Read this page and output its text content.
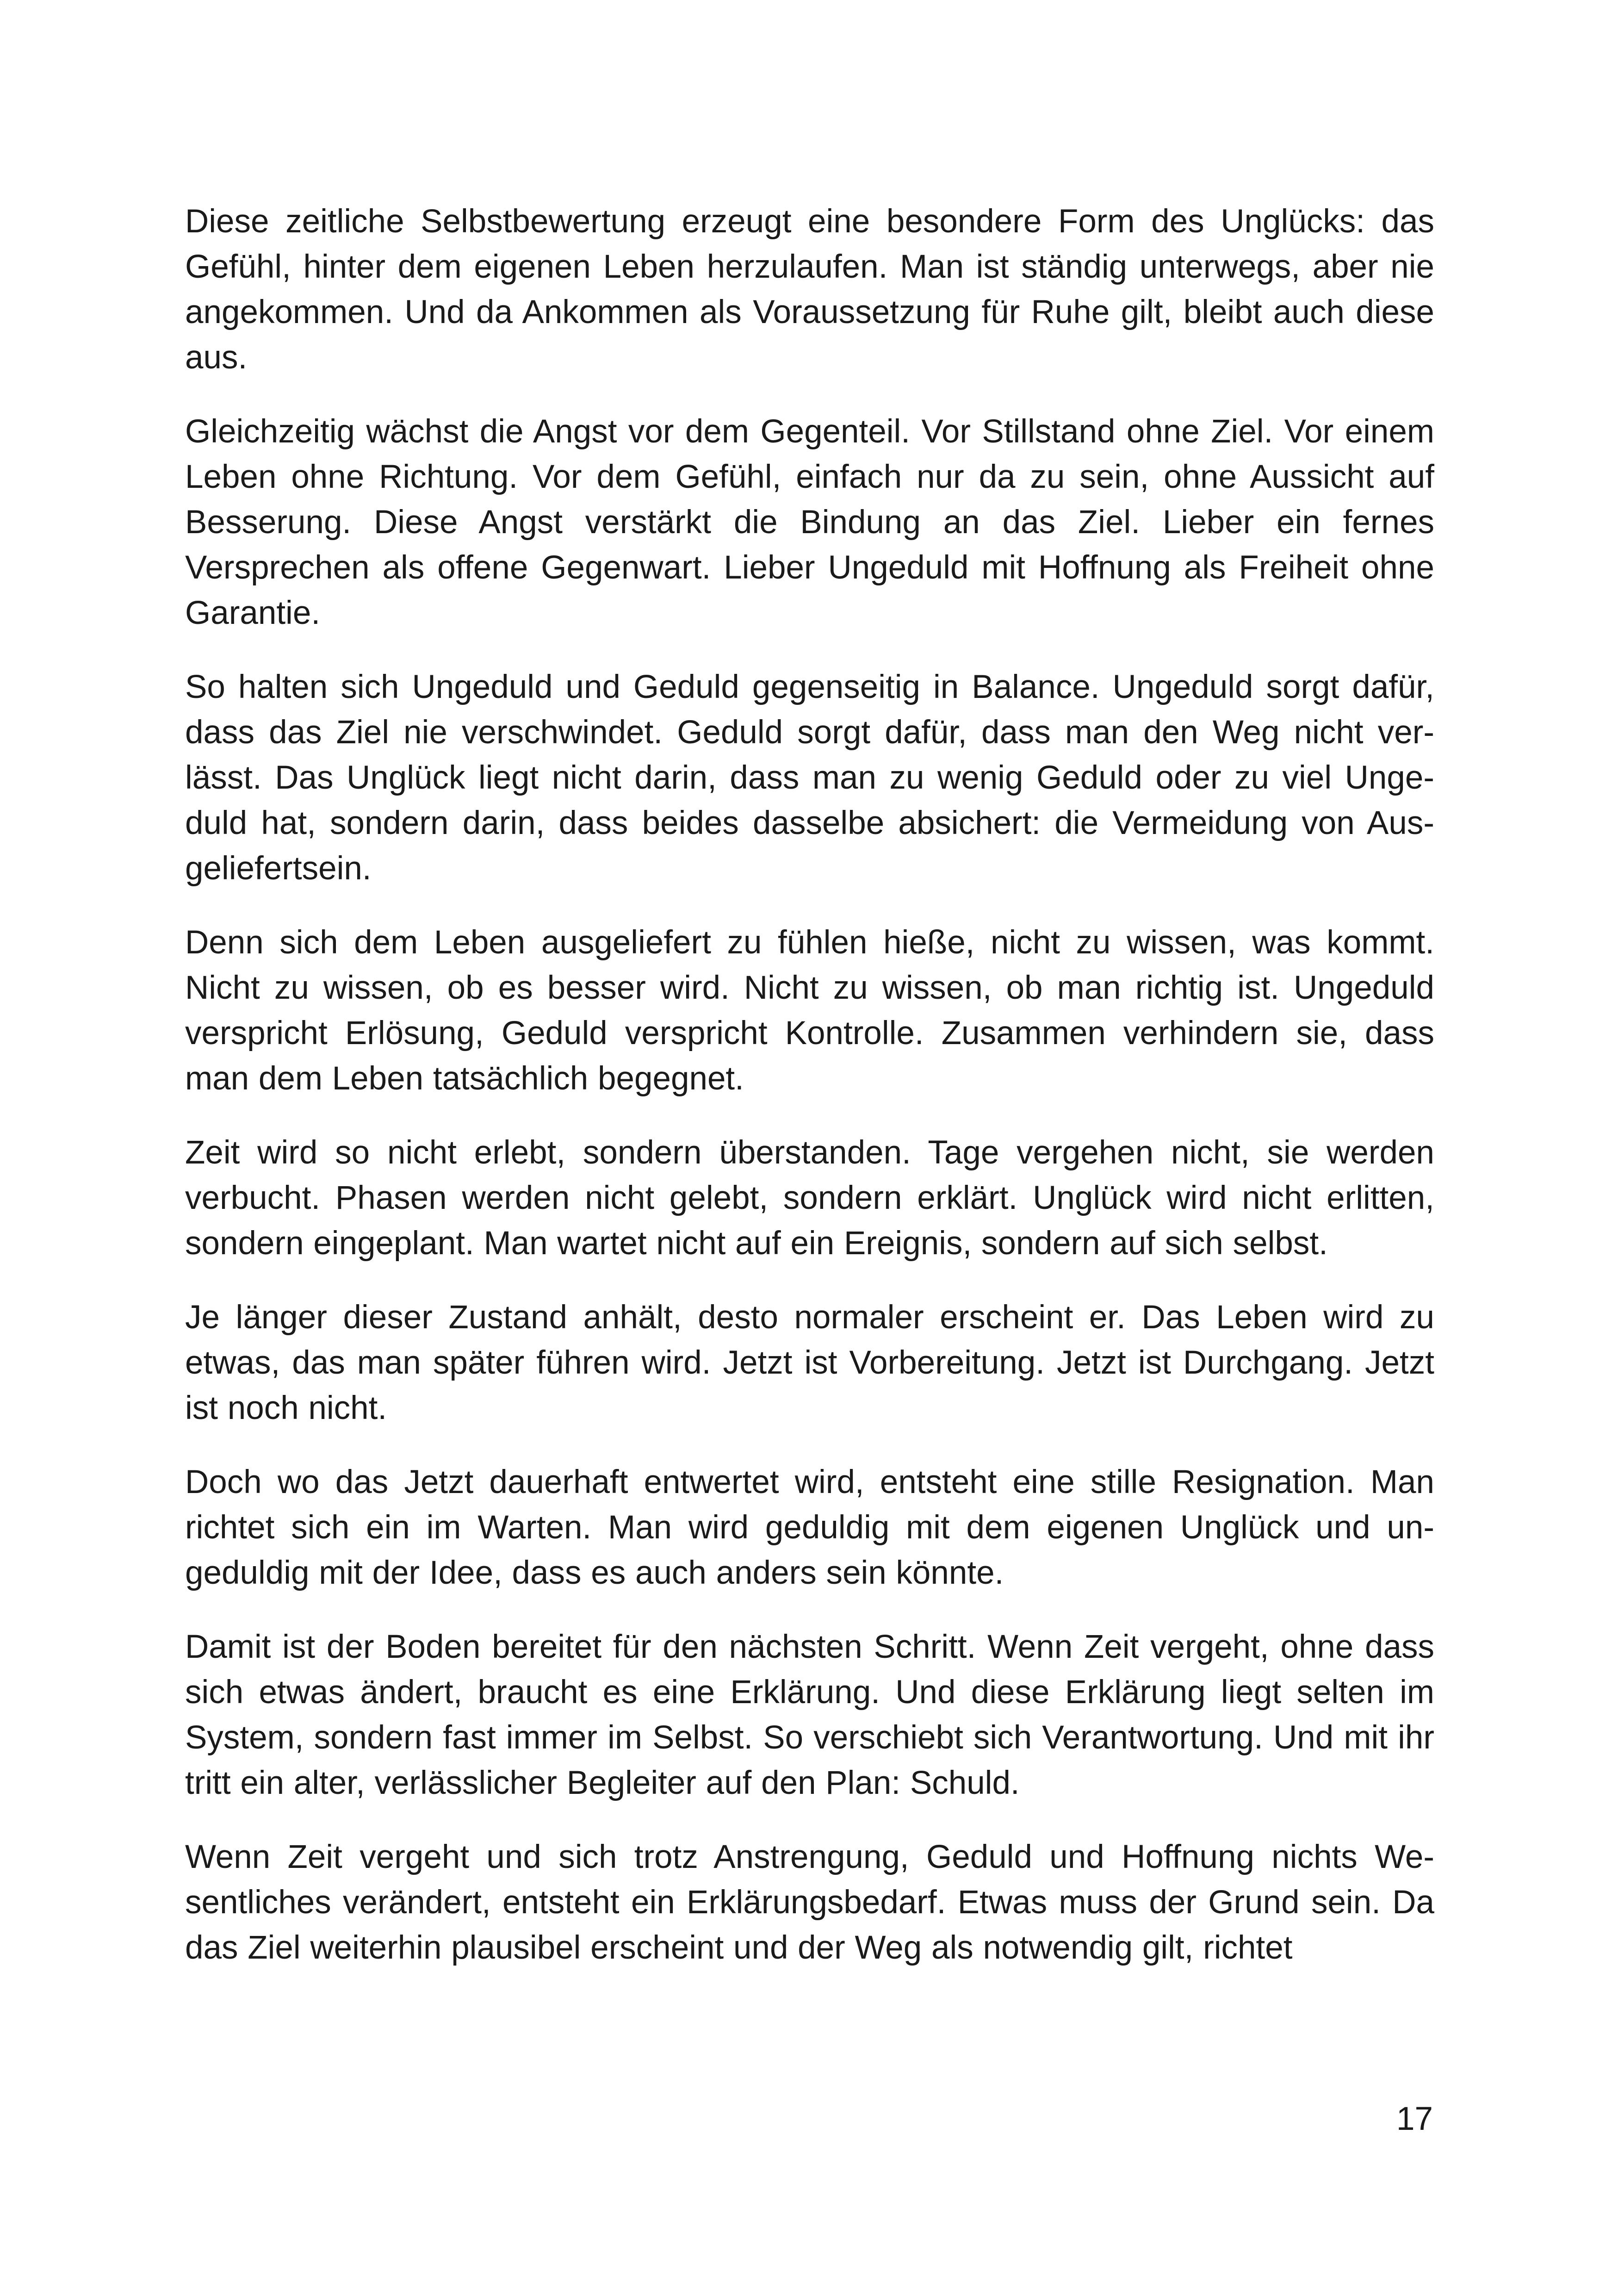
Diese zeitliche Selbstbewertung erzeugt eine besondere Form des Unglücks: das Gefühl, hinter dem eigenen Leben herzulaufen. Man ist ständig unterwegs, aber nie angekommen. Und da Ankommen als Voraussetzung für Ruhe gilt, bleibt auch diese aus.

Gleichzeitig wächst die Angst vor dem Gegenteil. Vor Stillstand ohne Ziel. Vor einem Leben ohne Richtung. Vor dem Gefühl, einfach nur da zu sein, ohne Aussicht auf Besserung. Diese Angst verstärkt die Bindung an das Ziel. Lieber ein fernes Versprechen als offene Gegenwart. Lieber Ungeduld mit Hoffnung als Freiheit ohne Garantie.

So halten sich Ungeduld und Geduld gegenseitig in Balance. Ungeduld sorgt dafür, dass das Ziel nie verschwindet. Geduld sorgt dafür, dass man den Weg nicht verlässt. Das Unglück liegt nicht darin, dass man zu wenig Geduld oder zu viel Ungeduld hat, sondern darin, dass beides dasselbe absichert: die Vermeidung von Ausgeliefertsein.

Denn sich dem Leben ausgeliefert zu fühlen hieße, nicht zu wissen, was kommt. Nicht zu wissen, ob es besser wird. Nicht zu wissen, ob man richtig ist. Ungeduld verspricht Erlösung, Geduld verspricht Kontrolle. Zusammen verhindern sie, dass man dem Leben tatsächlich begegnet.

Zeit wird so nicht erlebt, sondern überstanden. Tage vergehen nicht, sie werden verbucht. Phasen werden nicht gelebt, sondern erklärt. Unglück wird nicht erlitten, sondern eingeplant. Man wartet nicht auf ein Ereignis, sondern auf sich selbst.

Je länger dieser Zustand anhält, desto normaler erscheint er. Das Leben wird zu etwas, das man später führen wird. Jetzt ist Vorbereitung. Jetzt ist Durchgang. Jetzt ist noch nicht.

Doch wo das Jetzt dauerhaft entwertet wird, entsteht eine stille Resignation. Man richtet sich ein im Warten. Man wird geduldig mit dem eigenen Unglück und ungeduldig mit der Idee, dass es auch anders sein könnte.

Damit ist der Boden bereitet für den nächsten Schritt. Wenn Zeit vergeht, ohne dass sich etwas ändert, braucht es eine Erklärung. Und diese Erklärung liegt selten im System, sondern fast immer im Selbst. So verschiebt sich Verantwortung. Und mit ihr tritt ein alter, verlässlicher Begleiter auf den Plan: Schuld.

Wenn Zeit vergeht und sich trotz Anstrengung, Geduld und Hoffnung nichts Wesentliches verändert, entsteht ein Erklärungsbedarf. Etwas muss der Grund sein. Da das Ziel weiterhin plausibel erscheint und der Weg als notwendig gilt, richtet

17
